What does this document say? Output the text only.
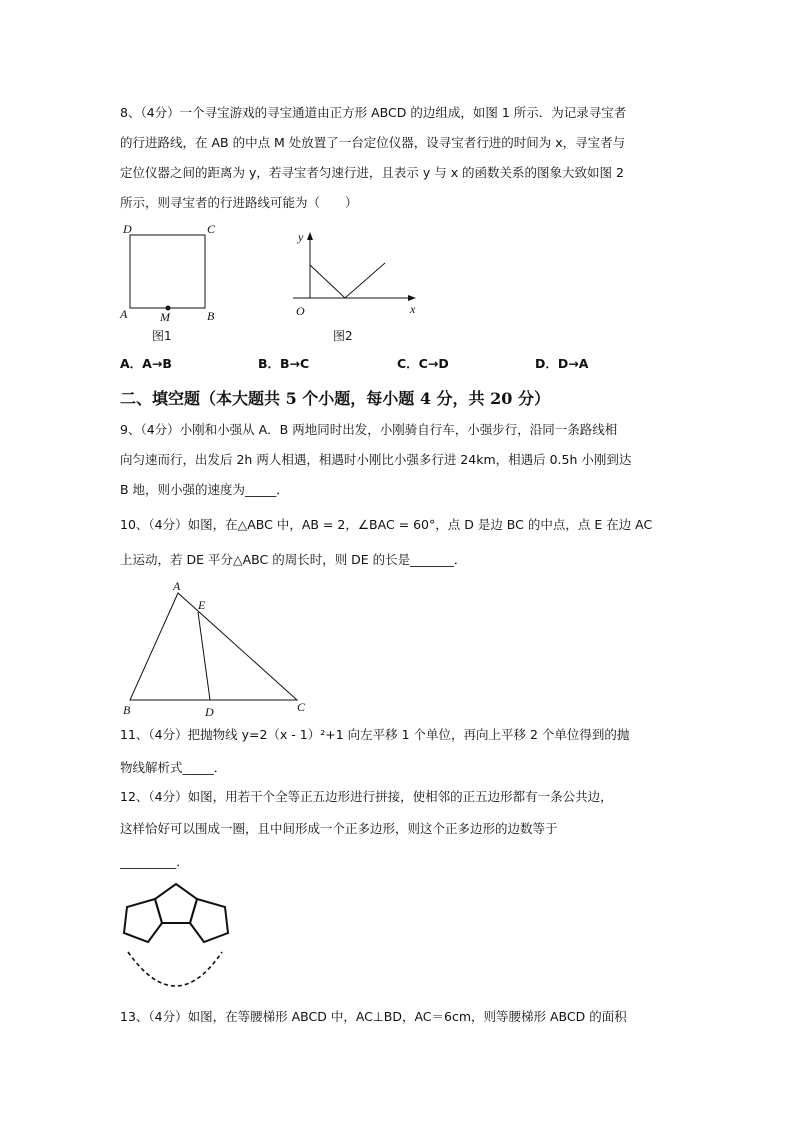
8、（4分）一个寻宝游戏的寻宝通道由正方形 ABCD 的边组成，如图 1 所示．为记录寻宝者
的行进路线，在 AB 的中点 M 处放置了一台定位仪器，设寻宝者行进的时间为 x，寻宝者与
定位仪器之间的距离为 y，若寻宝者匀速行进，且表示 y 与 x 的函数关系的图象大致如图 2
所示，则寻宝者的行进路线可能为（　　）
D	C
A	B
M
图1
y
x
O
图2
A
E
B	D	C
A．A→B	B．B→C	C．C→D	D．D→A
二、填空题（本大题共 5 个小题，每小题 4 分，共 20 分）
9、（4分）小刚和小强从 A．B 两地同时出发，小刚骑自行车，小强步行，沿同一条路线相
向匀速而行，出发后 2h 两人相遇，相遇时小刚比小强多行进 24km，相遇后 0.5h 小刚到达
B 地，则小强的速度为_____．
10、（4分）如图，在△ABC 中，AB = 2，∠BAC = 60°，点 D 是边 BC 的中点，点 E 在边 AC
上运动，若 DE 平分△ABC 的周长时，则 DE 的长是_______．
11、（4分）把抛物线 y=2（x - 1）²+1 向左平移 1 个单位，再向上平移 2 个单位得到的抛
物线解析式_____．
12、（4分）如图，用若干个全等正五边形进行拼接，使相邻的正五边形都有一条公共边，
这样恰好可以围成一圈，且中间形成一个正多边形，则这个正多边形的边数等于
_________．
13、（4分）如图，在等腰梯形 ABCD 中，AC⊥BD，AC＝6cm，则等腰梯形 ABCD 的面积
